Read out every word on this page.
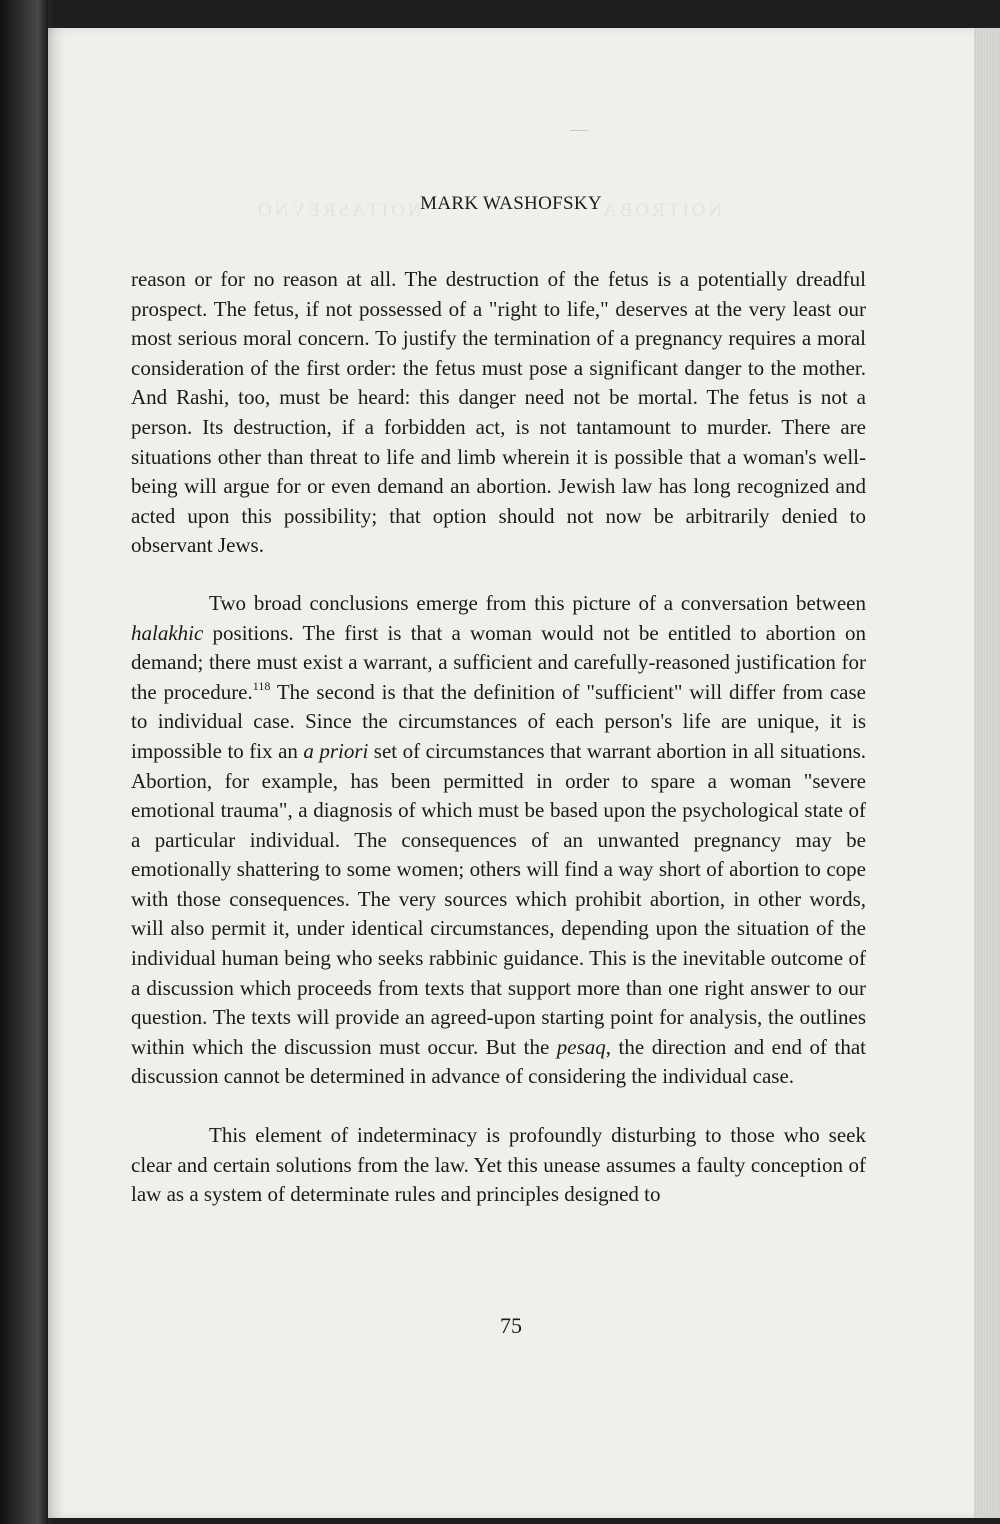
NOITASREVNO	NOITROBA
MARK WASHOFSKY

reason or for no reason at all. The destruction of the fetus is a potentially dreadful prospect. The fetus, if not possessed of a "right to life," deserves at the very least our most serious moral concern. To justify the termination of a pregnancy requires a moral consideration of the first order: the fetus must pose a significant danger to the mother. And Rashi, too, must be heard: this danger need not be mortal. The fetus is not a person. Its destruction, if a forbidden act, is not tantamount to murder. There are situations other than threat to life and limb wherein it is possible that a woman's well-being will argue for or even demand an abortion. Jewish law has long recognized and acted upon this possibility; that option should not now be arbitrarily denied to observant Jews.

Two broad conclusions emerge from this picture of a conversation between halakhic positions. The first is that a woman would not be entitled to abortion on demand; there must exist a warrant, a sufficient and carefully-reasoned justification for the procedure.$^{118}$ The second is that the definition of "sufficient" will differ from case to individual case. Since the circumstances of each person's life are unique, it is impossible to fix an a priori set of circumstances that warrant abortion in all situations. Abortion, for example, has been permitted in order to spare a woman "severe emotional trauma", a diagnosis of which must be based upon the psychological state of a particular individual. The consequences of an unwanted pregnancy may be emotionally shattering to some women; others will find a way short of abortion to cope with those consequences. The very sources which prohibit abortion, in other words, will also permit it, under identical circumstances, depending upon the situation of the individual human being who seeks rabbinic guidance. This is the inevitable outcome of a discussion which proceeds from texts that support more than one right answer to our question. The texts will provide an agreed-upon starting point for analysis, the outlines within which the discussion must occur. But the pesaq, the direction and end of that discussion cannot be determined in advance of considering the individual case.

This element of indeterminacy is profoundly disturbing to those who seek clear and certain solutions from the law. Yet this unease assumes a faulty conception of law as a system of determinate rules and principles designed to

75
